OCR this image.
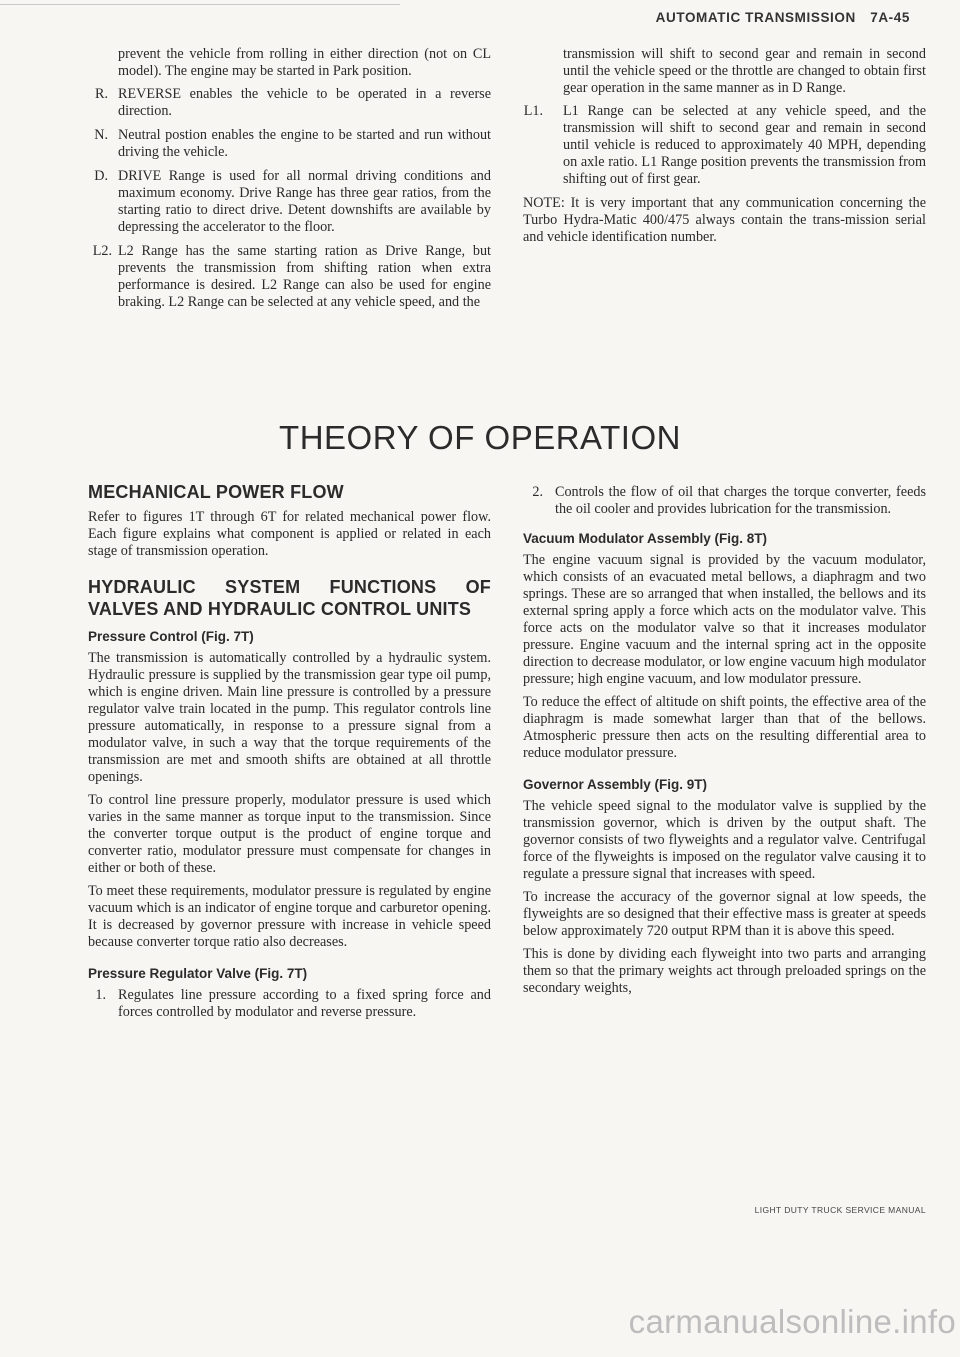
AUTOMATIC TRANSMISSION 7A-45

prevent the vehicle from rolling in either direction (not on CL model). The engine may be started in Park position.

R. REVERSE enables the vehicle to be operated in a reverse direction.
N. Neutral postion enables the engine to be started and run without driving the vehicle.
D. DRIVE Range is used for all normal driving conditions and maximum economy. Drive Range has three gear ratios, from the starting ratio to direct drive. Detent downshifts are available by depressing the accelerator to the floor.
L2. L2 Range has the same starting ration as Drive Range, but prevents the transmission from shifting ration when extra performance is desired. L2 Range can also be used for engine braking. L2 Range can be selected at any vehicle speed, and the

transmission will shift to second gear and remain in second until the vehicle speed or the throttle are changed to obtain first gear operation in the same manner as in D Range.

L1. L1 Range can be selected at any vehicle speed, and the transmission will shift to second gear and remain in second until vehicle is reduced to approximately 40 MPH, depending on axle ratio. L1 Range position prevents the transmission from shifting out of first gear.

NOTE: It is very important that any communication concerning the Turbo Hydra-Matic 400/475 always contain the trans-mission serial and vehicle identification number.

THEORY OF OPERATION
MECHANICAL POWER FLOW

Refer to figures 1T through 6T for related mechanical power flow. Each figure explains what component is applied or related in each stage of transmission operation.

HYDRAULIC SYSTEM FUNCTIONS OF VALVES AND HYDRAULIC CONTROL UNITS
Pressure Control (Fig. 7T)

The transmission is automatically controlled by a hydraulic system. Hydraulic pressure is supplied by the transmission gear type oil pump, which is engine driven. Main line pressure is controlled by a pressure regulator valve train located in the pump. This regulator controls line pressure automatically, in response to a pressure signal from a modulator valve, in such a way that the torque requirements of the transmission are met and smooth shifts are obtained at all throttle openings.

To control line pressure properly, modulator pressure is used which varies in the same manner as torque input to the transmission. Since the converter torque output is the product of engine torque and converter ratio, modulator pressure must compensate for changes in either or both of these.

To meet these requirements, modulator pressure is regulated by engine vacuum which is an indicator of engine torque and carburetor opening. It is decreased by governor pressure with increase in vehicle speed because converter torque ratio also decreases.

Pressure Regulator Valve (Fig. 7T)
1. Regulates line pressure according to a fixed spring force and forces controlled by modulator and reverse pressure.
2. Controls the flow of oil that charges the torque converter, feeds the oil cooler and provides lubrication for the transmission.
Vacuum Modulator Assembly (Fig. 8T)

The engine vacuum signal is provided by the vacuum modulator, which consists of an evacuated metal bellows, a diaphragm and two springs. These are so arranged that when installed, the bellows and its external spring apply a force which acts on the modulator valve. This force acts on the modulator valve so that it increases modulator pressure. Engine vacuum and the internal spring act in the opposite direction to decrease modulator, or low engine vacuum high modulator pressure; high engine vacuum, and low modulator pressure.

To reduce the effect of altitude on shift points, the effective area of the diaphragm is made somewhat larger than that of the bellows. Atmospheric pressure then acts on the resulting differential area to reduce modulator pressure.

Governor Assembly (Fig. 9T)

The vehicle speed signal to the modulator valve is supplied by the transmission governor, which is driven by the output shaft. The governor consists of two flyweights and a regulator valve. Centrifugal force of the flyweights is imposed on the regulator valve causing it to regulate a pressure signal that increases with speed.

To increase the accuracy of the governor signal at low speeds, the flyweights are so designed that their effective mass is greater at speeds below approximately 720 output RPM than it is above this speed.

This is done by dividing each flyweight into two parts and arranging them so that the primary weights act through preloaded springs on the secondary weights,

LIGHT DUTY TRUCK SERVICE MANUAL
carmanualsonline.info
